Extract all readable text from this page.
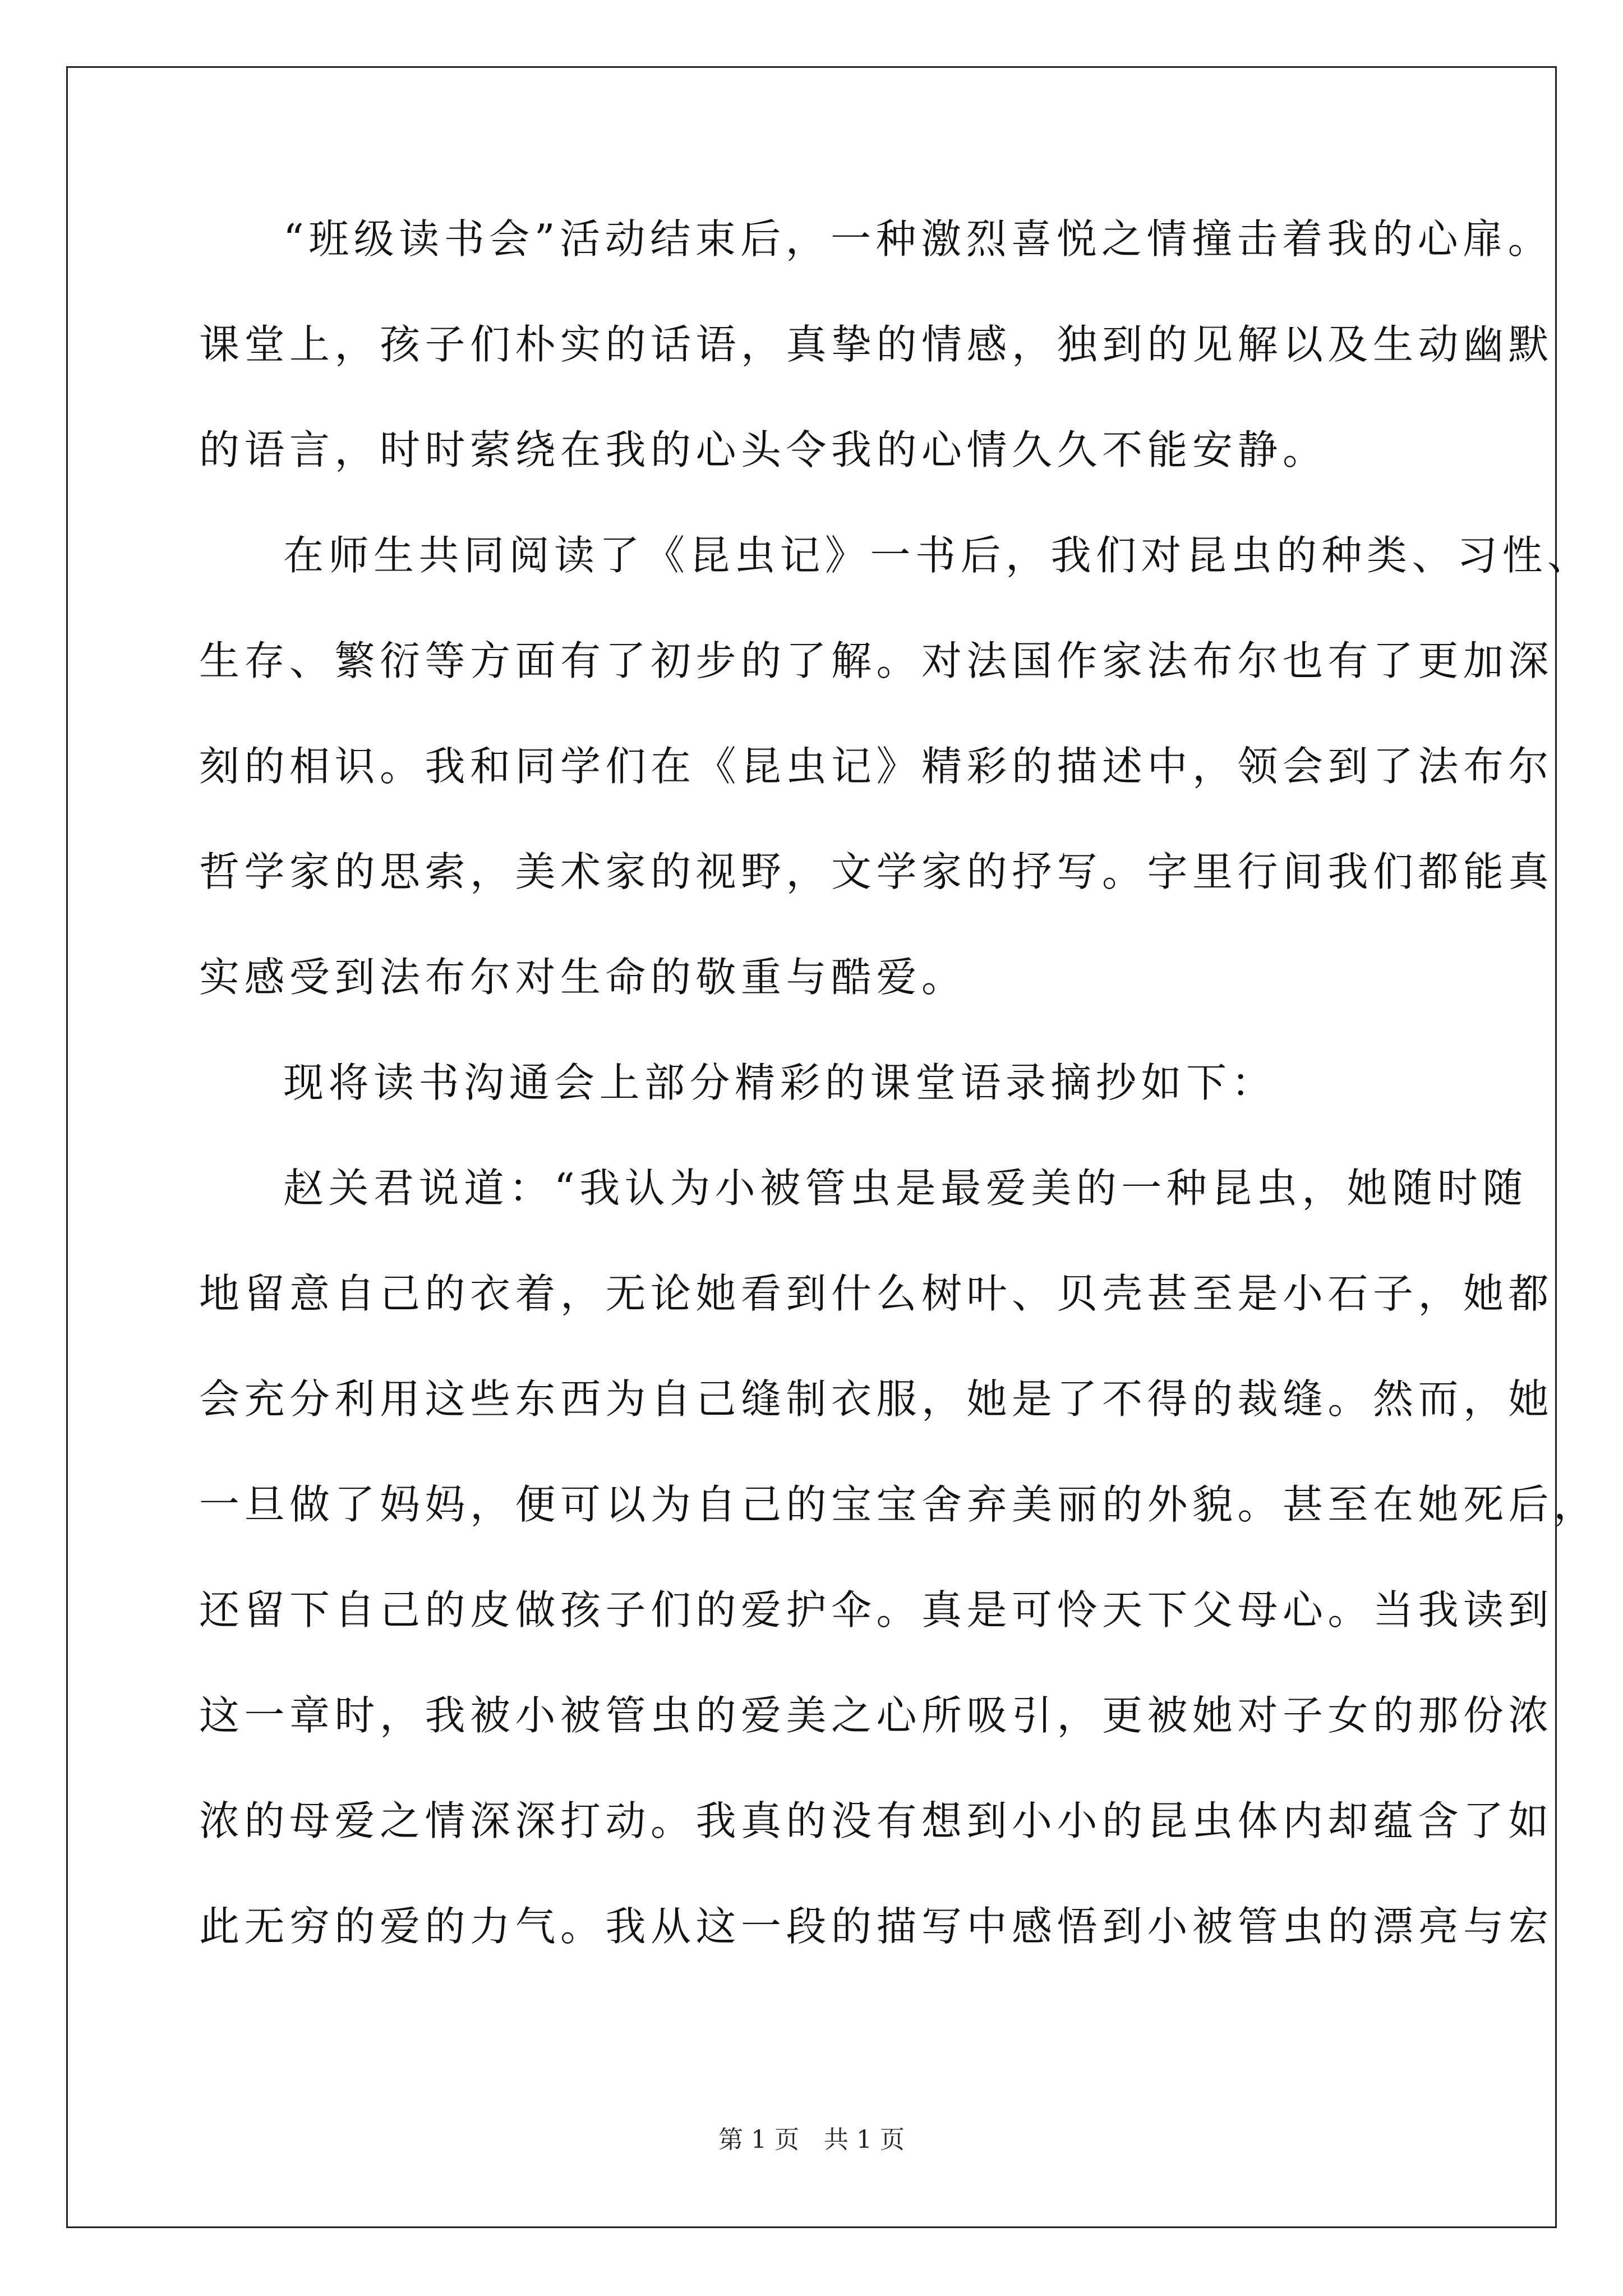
“班级读书会”活动结束后，一种激烈喜悦之情撞击着我的心扉。
课堂上，孩子们朴实的话语，真挚的情感，独到的见解以及生动幽默
的语言，时时萦绕在我的心头令我的心情久久不能安静。
在师生共同阅读了《昆虫记》一书后，我们对昆虫的种类、习性、
生存、繁衍等方面有了初步的了解。对法国作家法布尔也有了更加深
刻的相识。我和同学们在《昆虫记》精彩的描述中，领会到了法布尔
哲学家的思索，美术家的视野，文学家的抒写。字里行间我们都能真
实感受到法布尔对生命的敬重与酷爱。
现将读书沟通会上部分精彩的课堂语录摘抄如下：
赵关君说道：“我认为小被管虫是最爱美的一种昆虫，她随时随
地留意自己的衣着，无论她看到什么树叶、贝壳甚至是小石子，她都
会充分利用这些东西为自己缝制衣服，她是了不得的裁缝。然而，她
一旦做了妈妈，便可以为自己的宝宝舍弃美丽的外貌。甚至在她死后，
还留下自己的皮做孩子们的爱护伞。真是可怜天下父母心。当我读到
这一章时，我被小被管虫的爱美之心所吸引，更被她对子女的那份浓
浓的母爱之情深深打动。我真的没有想到小小的昆虫体内却蕴含了如
此无穷的爱的力气。我从这一段的描写中感悟到小被管虫的漂亮与宏
第 1 页 共 1 页
